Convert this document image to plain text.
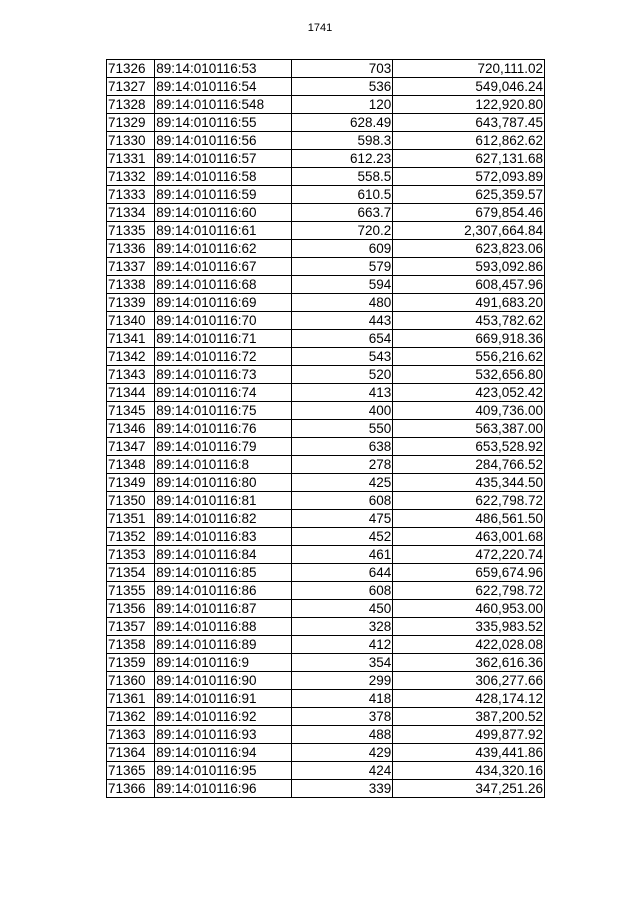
1741
71326	89:14:010116:53	703	720,111.02
71327	89:14:010116:54	536	549,046.24
71328	89:14:010116:548	120	122,920.80
71329	89:14:010116:55	628.49	643,787.45
71330	89:14:010116:56	598.3	612,862.62
71331	89:14:010116:57	612.23	627,131.68
71332	89:14:010116:58	558.5	572,093.89
71333	89:14:010116:59	610.5	625,359.57
71334	89:14:010116:60	663.7	679,854.46
71335	89:14:010116:61	720.2	2,307,664.84
71336	89:14:010116:62	609	623,823.06
71337	89:14:010116:67	579	593,092.86
71338	89:14:010116:68	594	608,457.96
71339	89:14:010116:69	480	491,683.20
71340	89:14:010116:70	443	453,782.62
71341	89:14:010116:71	654	669,918.36
71342	89:14:010116:72	543	556,216.62
71343	89:14:010116:73	520	532,656.80
71344	89:14:010116:74	413	423,052.42
71345	89:14:010116:75	400	409,736.00
71346	89:14:010116:76	550	563,387.00
71347	89:14:010116:79	638	653,528.92
71348	89:14:010116:8	278	284,766.52
71349	89:14:010116:80	425	435,344.50
71350	89:14:010116:81	608	622,798.72
71351	89:14:010116:82	475	486,561.50
71352	89:14:010116:83	452	463,001.68
71353	89:14:010116:84	461	472,220.74
71354	89:14:010116:85	644	659,674.96
71355	89:14:010116:86	608	622,798.72
71356	89:14:010116:87	450	460,953.00
71357	89:14:010116:88	328	335,983.52
71358	89:14:010116:89	412	422,028.08
71359	89:14:010116:9	354	362,616.36
71360	89:14:010116:90	299	306,277.66
71361	89:14:010116:91	418	428,174.12
71362	89:14:010116:92	378	387,200.52
71363	89:14:010116:93	488	499,877.92
71364	89:14:010116:94	429	439,441.86
71365	89:14:010116:95	424	434,320.16
71366	89:14:010116:96	339	347,251.26
